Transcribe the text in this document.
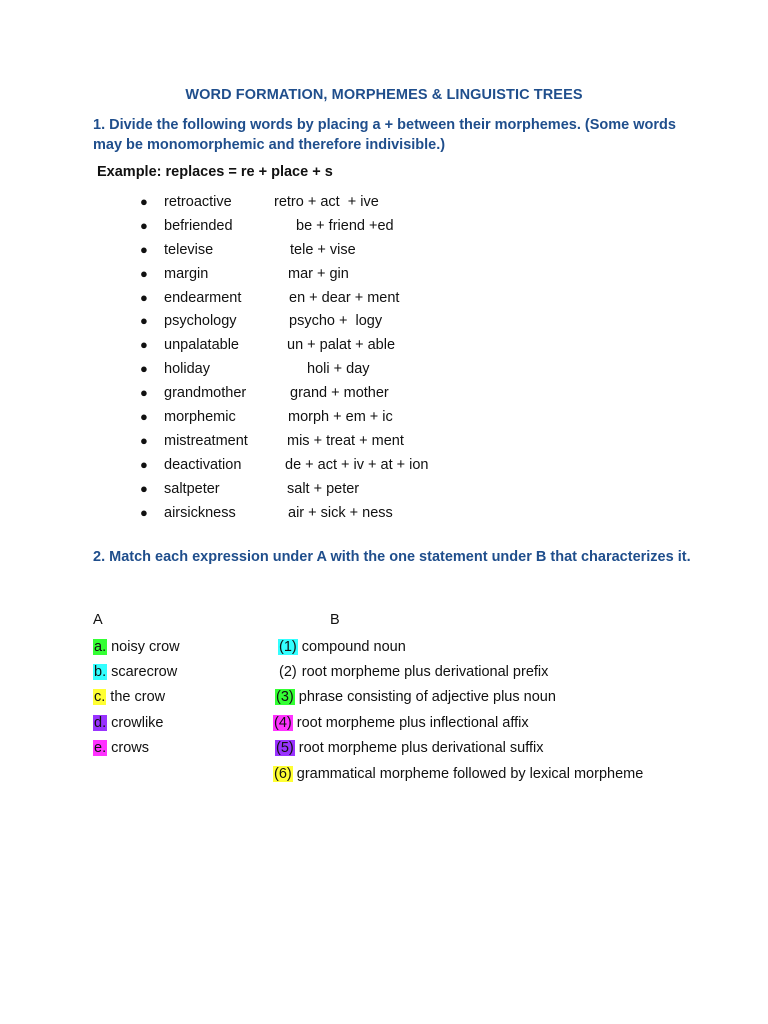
WORD FORMATION, MORPHEMES & LINGUISTIC TREES
1. Divide the following words by placing a + between their morphemes. (Some words may be monomorphemic and therefore indivisible.)
Example: replaces = re + place + s
● retroactive	retro + act  + ive
● befriended	be + friend +ed
● televise	tele + vise
● margin	mar + gin
● endearment	en + dear + ment
● psychology	psycho +  logy
● unpalatable	un + palat + able
● holiday	holi + day
● grandmother	grand + mother
● morphemic	morph + em + ic
● mistreatment	mis + treat + ment
● deactivation	de + act + iv + at + ion
● saltpeter	salt + peter
● airsickness	air + sick + ness
2. Match each expression under A with the one statement under B that characterizes it.
A	B
a. noisy crow	(1) compound noun
b. scarecrow	(2) root morpheme plus derivational prefix
c. the crow	(3) phrase consisting of adjective plus noun
d. crowlike	(4) root morpheme plus inflectional affix
e. crows	(5) root morpheme plus derivational suffix
(6) grammatical morpheme followed by lexical morpheme
